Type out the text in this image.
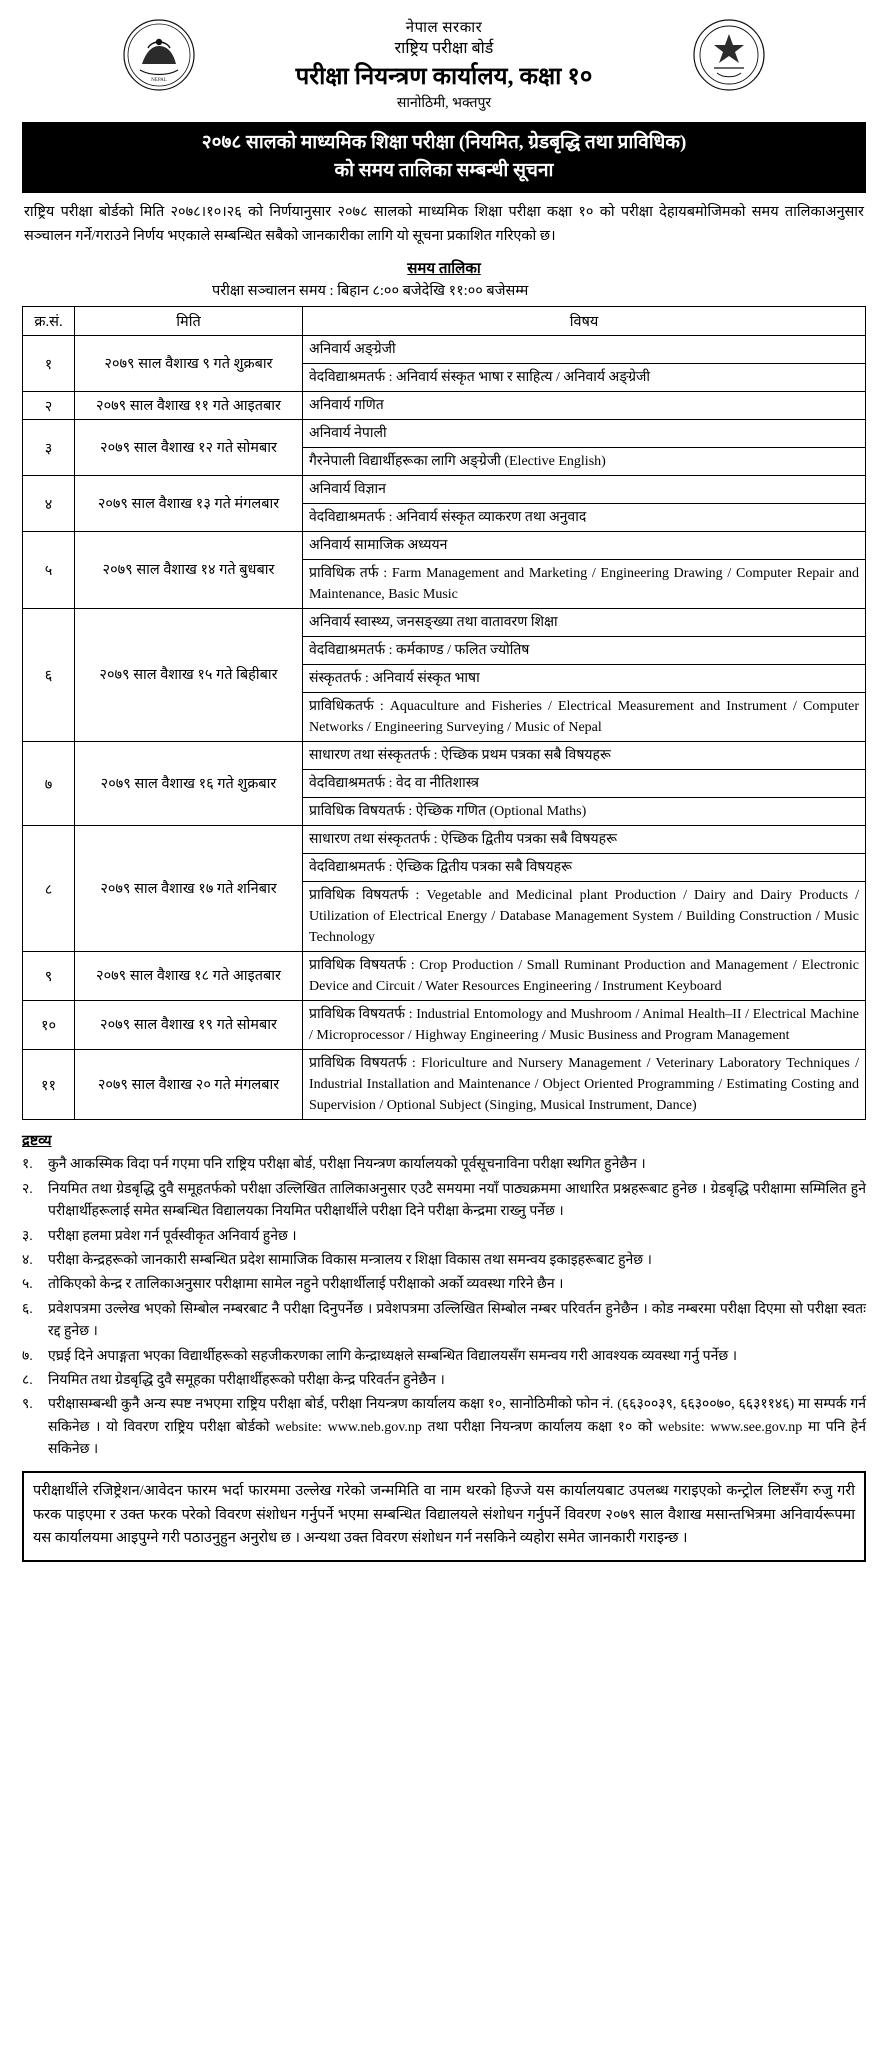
NEPAL
नेपाल सरकार
राष्ट्रिय परीक्षा बोर्ड
परीक्षा नियन्त्रण कार्यालय, कक्षा १०
सानोठिमी, भक्तपुर
२०७८ सालको माध्यमिक शिक्षा परीक्षा (नियमित, ग्रेडबृद्धि तथा प्राविधिक)
को समय तालिका सम्बन्धी सूचना
राष्ट्रिय परीक्षा बोर्डको मिति २०७८।१०।२६ को निर्णयानुसार २०७८ सालको माध्यमिक शिक्षा परीक्षा कक्षा १० को परीक्षा देहायबमोजिमको समय तालिकाअनुसार सञ्चालन गर्ने/गराउने निर्णय भएकाले सम्बन्धित सबैको जानकारीका लागि यो सूचना प्रकाशित गरिएको छ।
समय तालिका
परीक्षा सञ्चालन समय : बिहान ८:०० बजेदेखि ११:०० बजेसम्म
क्र.सं.	मिति	विषय
१	२०७९ साल वैशाख ९ गते शुक्रबार	अनिवार्य अङ्ग्रेजी
		वेदविद्याश्रमतर्फ : अनिवार्य संस्कृत भाषा र साहित्य / अनिवार्य अङ्ग्रेजी
२	२०७९ साल वैशाख ११ गते आइतबार	अनिवार्य गणित
३	२०७९ साल वैशाख १२ गते सोमबार	अनिवार्य नेपाली
		गैरनेपाली विद्यार्थीहरूका लागि अङ्ग्रेजी (Elective English)
४	२०७९ साल वैशाख १३ गते मंगलबार	अनिवार्य विज्ञान
		वेदविद्याश्रमतर्फ : अनिवार्य संस्कृत व्याकरण तथा अनुवाद
५	२०७९ साल वैशाख १४ गते बुधबार	अनिवार्य सामाजिक अध्ययन
		प्राविधिक तर्फ : Farm Management and Marketing / Engineering Drawing / Computer Repair and Maintenance, Basic Music
६	२०७९ साल वैशाख १५ गते बिहीबार	अनिवार्य स्वास्थ्य, जनसङ्ख्या तथा वातावरण शिक्षा
		वेदविद्याश्रमतर्फ : कर्मकाण्ड / फलित ज्योतिष
		संस्कृततर्फ : अनिवार्य संस्कृत भाषा
		प्राविधिकतर्फ : Aquaculture and Fisheries / Electrical Measurement and Instrument / Computer Networks / Engineering Surveying / Music of Nepal
७	२०७९ साल वैशाख १६ गते शुक्रबार	साधारण तथा संस्कृततर्फ : ऐच्छिक प्रथम पत्रका सबै विषयहरू
		वेदविद्याश्रमतर्फ : वेद वा नीतिशास्त्र
		प्राविधिक विषयतर्फ : ऐच्छिक गणित (Optional Maths)
८	२०७९ साल वैशाख १७ गते शनिबार	साधारण तथा संस्कृततर्फ : ऐच्छिक द्वितीय पत्रका सबै विषयहरू
		वेदविद्याश्रमतर्फ : ऐच्छिक द्वितीय पत्रका सबै विषयहरू
		प्राविधिक विषयतर्फ : Vegetable and Medicinal plant Production / Dairy and Dairy Products / Utilization of Electrical Energy / Database Management System / Building Construction / Music Technology
९	२०७९ साल वैशाख १८ गते आइतबार	प्राविधिक विषयतर्फ : Crop Production / Small Ruminant Production and Management / Electronic Device and Circuit / Water Resources Engineering / Instrument Keyboard
१०	२०७९ साल वैशाख १९ गते सोमबार	प्राविधिक विषयतर्फ : Industrial Entomology and Mushroom / Animal Health–II / Electrical Machine / Microprocessor / Highway Engineering / Music Business and Program Management
११	२०७९ साल वैशाख २० गते मंगलबार	प्राविधिक विषयतर्फ : Floriculture and Nursery Management / Veterinary Laboratory Techniques / Industrial Installation and Maintenance / Object Oriented Programming / Estimating Costing and Supervision / Optional Subject (Singing, Musical Instrument, Dance)
द्रष्टव्य
१.	कुनै आकस्मिक विदा पर्न गएमा पनि राष्ट्रिय परीक्षा बोर्ड, परीक्षा नियन्त्रण कार्यालयको पूर्वसूचनाविना परीक्षा स्थगित हुनेछैन ।
२.	नियमित तथा ग्रेडबृद्धि दुवै समूहतर्फको परीक्षा उल्लिखित तालिकाअनुसार एउटै समयमा नयाँ पाठ्यक्रममा आधारित प्रश्नहरूबाट हुनेछ । ग्रेडबृद्धि परीक्षामा सम्मिलित हुने परीक्षार्थीहरूलाई समेत सम्बन्धित विद्यालयका नियमित परीक्षार्थीले परीक्षा दिने परीक्षा केन्द्रमा राख्नु पर्नेछ ।
३.	परीक्षा हलमा प्रवेश गर्न पूर्वस्वीकृत अनिवार्य हुनेछ ।
४.	परीक्षा केन्द्रहरूको जानकारी सम्बन्धित प्रदेश सामाजिक विकास मन्त्रालय र शिक्षा विकास तथा समन्वय इकाइहरूबाट हुनेछ ।
५.	तोकिएको केन्द्र र तालिकाअनुसार परीक्षामा सामेल नहुने परीक्षार्थीलाई परीक्षाको अर्को व्यवस्था गरिने छैन ।
६.	प्रवेशपत्रमा उल्लेख भएको सिम्बोल नम्बरबाट नै परीक्षा दिनुपर्नेछ । प्रवेशपत्रमा उल्लिखित सिम्बोल नम्बर परिवर्तन हुनेछैन । कोड नम्बरमा परीक्षा दिएमा सो परीक्षा स्वतः रद्द हुनेछ ।
७.	एघ्रई दिने अपाङ्गता भएका विद्यार्थीहरूको सहजीकरणका लागि केन्द्राध्यक्षले सम्बन्धित विद्यालयसँग समन्वय गरी आवश्यक व्यवस्था गर्नु पर्नेछ ।
८.	नियमित तथा ग्रेडबृद्धि दुवै समूहका परीक्षार्थीहरूको परीक्षा केन्द्र परिवर्तन हुनेछैन ।
९.	परीक्षासम्बन्धी कुनै अन्य स्पष्ट नभएमा राष्ट्रिय परीक्षा बोर्ड, परीक्षा नियन्त्रण कार्यालय कक्षा १०, सानोठिमीको फोन नं. (६६३००३९, ६६३००७०, ६६३११४६) मा सम्पर्क गर्न सकिनेछ । यो विवरण राष्ट्रिय परीक्षा बोर्डको website: www.neb.gov.np तथा परीक्षा नियन्त्रण कार्यालय कक्षा १० को website: www.see.gov.np मा पनि हेर्न सकिनेछ ।
परीक्षार्थीले रजिष्ट्रेशन/आवेदन फारम भर्दा फारममा उल्लेख गरेको जन्ममिति वा नाम थरको हिज्जे यस कार्यालयबाट उपलब्ध गराइएको कन्ट्रोल लिष्टसँग रुजु गरी फरक पाइएमा र उक्त फरक परेको विवरण संशोधन गर्नुपर्ने भएमा सम्बन्धित विद्यालयले संशोधन गर्नुपर्ने विवरण २०७९ साल वैशाख मसान्तभित्रमा अनिवार्यरूपमा यस कार्यालयमा आइपुग्ने गरी पठाउनुहुन अनुरोध छ । अन्यथा उक्त विवरण संशोधन गर्न नसकिने व्यहोरा समेत जानकारी गराइन्छ ।
